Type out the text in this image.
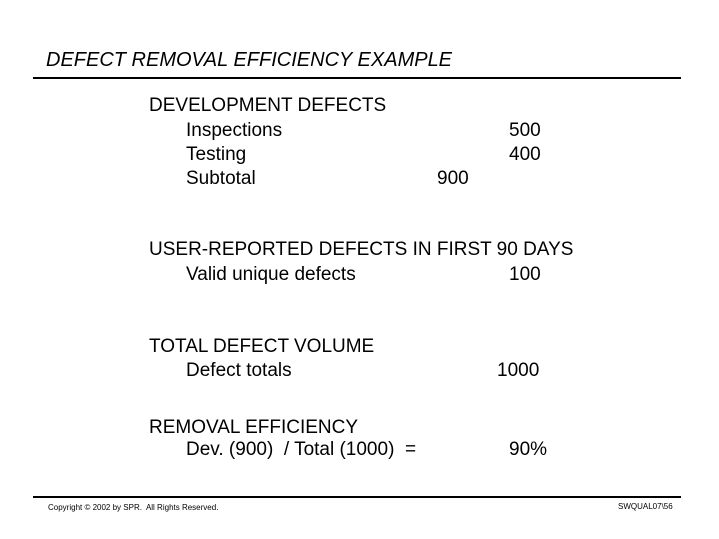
DEFECT REMOVAL EFFICIENCY EXAMPLE
DEVELOPMENT DEFECTS
Inspections	500
Testing	400
Subtotal	900
USER-REPORTED DEFECTS IN FIRST 90 DAYS
Valid unique defects	100
TOTAL DEFECT VOLUME
Defect totals	1000
REMOVAL EFFICIENCY
Dev. (900)  / Total (1000)  =	90%
Copyright © 2002 by SPR.  All Rights Reserved.	SWQUAL07\56
